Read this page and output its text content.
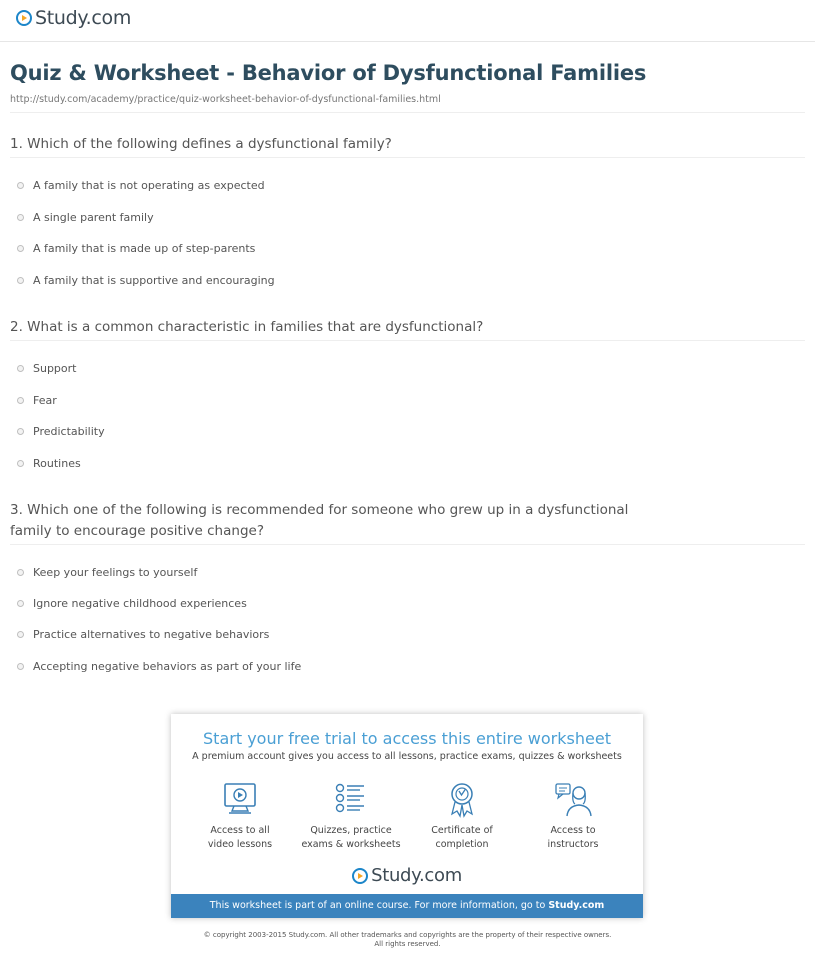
Study.com
Quiz & Worksheet - Behavior of Dysfunctional Families
http://study.com/academy/practice/quiz-worksheet-behavior-of-dysfunctional-families.html
1. Which of the following defines a dysfunctional family?
A family that is not operating as expected
A single parent family
A family that is made up of step-parents
A family that is supportive and encouraging
2. What is a common characteristic in families that are dysfunctional?
Support
Fear
Predictability
Routines
3. Which one of the following is recommended for someone who grew up in a dysfunctional family to encourage positive change?
Keep your feelings to yourself
Ignore negative childhood experiences
Practice alternatives to negative behaviors
Accepting negative behaviors as part of your life
Start your free trial to access this entire worksheet
A premium account gives you access to all lessons, practice exams, quizzes & worksheets
Access to all
video lessons
Quizzes, practice
exams & worksheets
Certificate of
completion
Access to
instructors
Study.com
This worksheet is part of an online course. For more information, go to Study.com
© copyright 2003-2015 Study.com. All other trademarks and copyrights are the property of their respective owners.
All rights reserved.
